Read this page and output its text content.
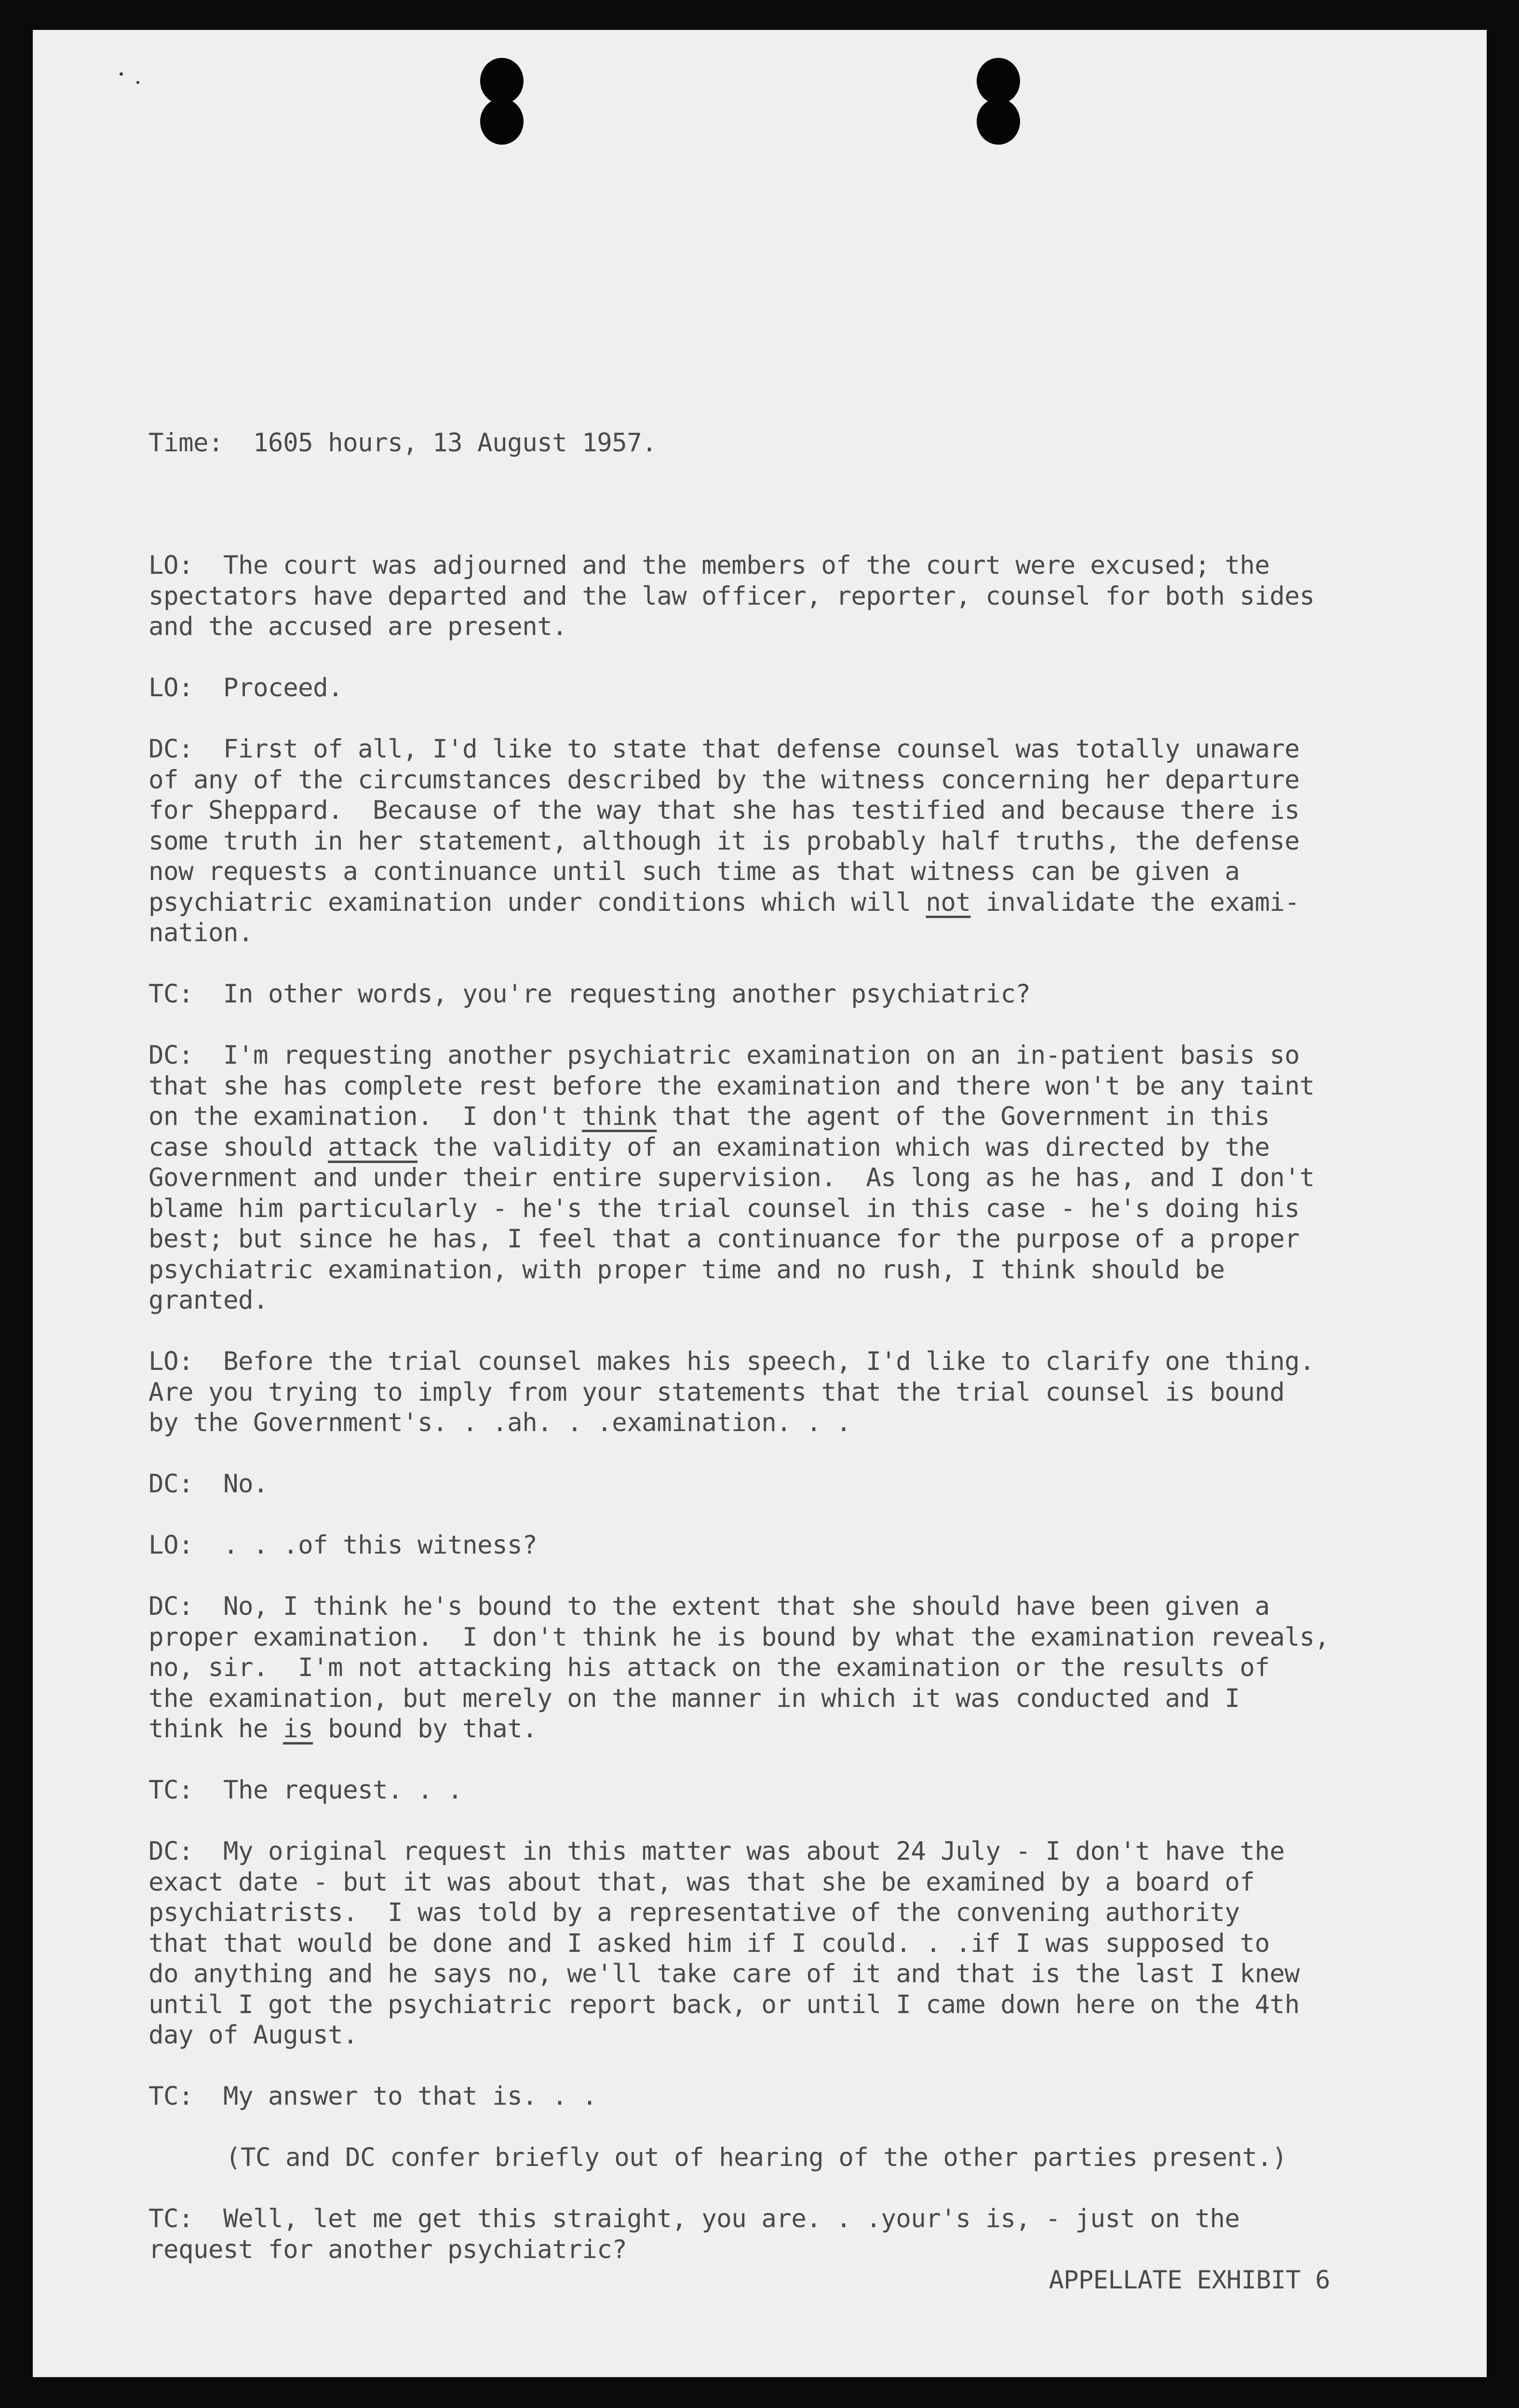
Time:  1605 hours, 13 August 1957.

LO:  The court was adjourned and the members of the court were excused; the
spectators have departed and the law officer, reporter, counsel for both sides
and the accused are present.
LO:  Proceed.
DC:  First of all, I'd like to state that defense counsel was totally unaware
of any of the circumstances described by the witness concerning her departure
for Sheppard.  Because of the way that she has testified and because there is
some truth in her statement, although it is probably half truths, the defense
now requests a continuance until such time as that witness can be given a
psychiatric examination under conditions which will not invalidate the exami-
nation.
TC:  In other words, you're requesting another psychiatric?
DC:  I'm requesting another psychiatric examination on an in-patient basis so
that she has complete rest before the examination and there won't be any taint
on the examination.  I don't think that the agent of the Government in this
case should attack the validity of an examination which was directed by the
Government and under their entire supervision.  As long as he has, and I don't
blame him particularly - he's the trial counsel in this case - he's doing his
best; but since he has, I feel that a continuance for the purpose of a proper
psychiatric examination, with proper time and no rush, I think should be
granted.
LO:  Before the trial counsel makes his speech, I'd like to clarify one thing.
Are you trying to imply from your statements that the trial counsel is bound
by the Government's. . .ah. . .examination. . .
DC:  No.
LO:  . . .of this witness?
DC:  No, I think he's bound to the extent that she should have been given a
proper examination.  I don't think he is bound by what the examination reveals,
no, sir.  I'm not attacking his attack on the examination or the results of
the examination, but merely on the manner in which it was conducted and I
think he is bound by that.
TC:  The request. . .
DC:  My original request in this matter was about 24 July - I don't have the
exact date - but it was about that, was that she be examined by a board of
psychiatrists.  I was told by a representative of the convening authority
that that would be done and I asked him if I could. . .if I was supposed to
do anything and he says no, we'll take care of it and that is the last I knew
until I got the psychiatric report back, or until I came down here on the 4th
day of August.
TC:  My answer to that is. . .
(TC and DC confer briefly out of hearing of the other parties present.)
TC:  Well, let me get this straight, you are. . .your's is, - just on the
request for another psychiatric?
APPELLATE EXHIBIT 6
